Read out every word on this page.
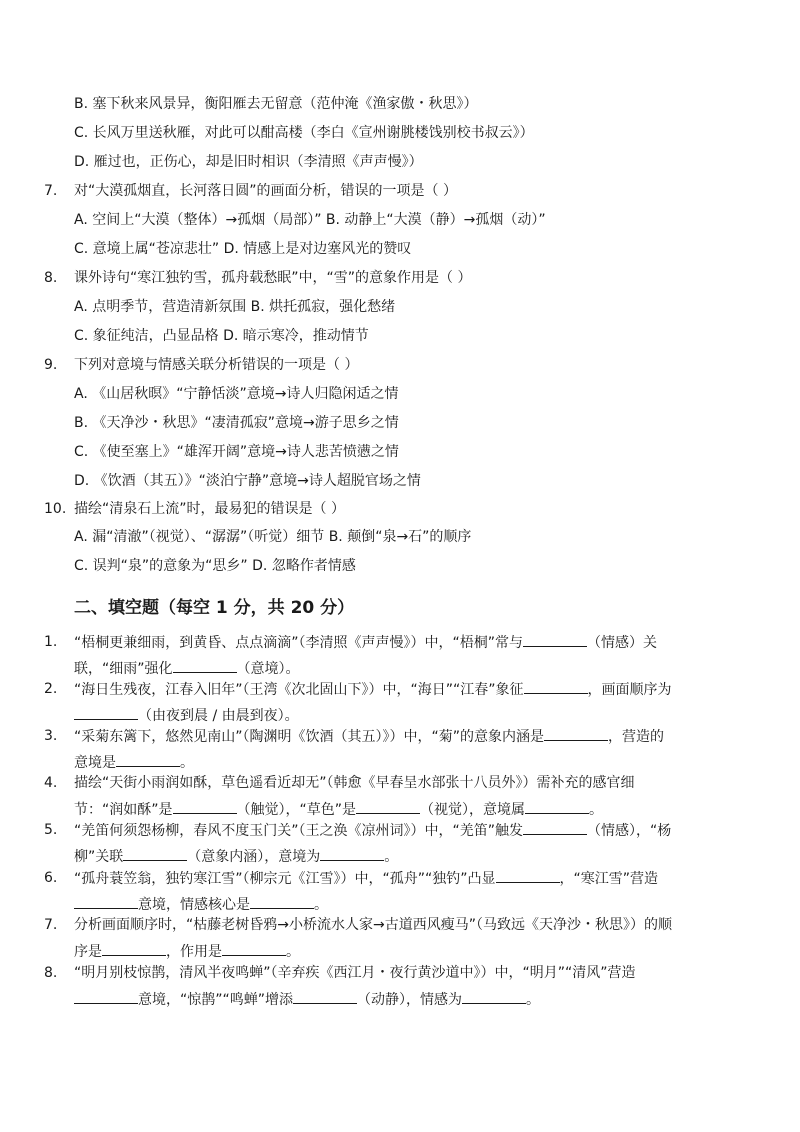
B. 塞下秋来风景异，衡阳雁去无留意（范仲淹《渔家傲・秋思》）
C. 长风万里送秋雁，对此可以酣高楼（李白《宣州谢朓楼饯别校书叔云》）
D. 雁过也，正伤心，却是旧时相识（李清照《声声慢》）
7. 对“大漠孤烟直，长河落日圆”的画面分析，错误的一项是（ ）
A. 空间上“大漠（整体）→孤烟（局部）” B. 动静上“大漠（静）→孤烟（动）”
C. 意境上属“苍凉悲壮” D. 情感上是对边塞风光的赞叹
8. 课外诗句“寒江独钓雪，孤舟载愁眠”中，“雪”的意象作用是（ ）
A. 点明季节，营造清新氛围 B. 烘托孤寂，强化愁绪
C. 象征纯洁，凸显品格 D. 暗示寒冷，推动情节
9. 下列对意境与情感关联分析错误的一项是（ ）
A. 《山居秋暝》“宁静恬淡”意境→诗人归隐闲适之情
B. 《天净沙・秋思》“凄清孤寂”意境→游子思乡之情
C. 《使至塞上》“雄浑开阔”意境→诗人悲苦愤懑之情
D. 《饮酒（其五）》“淡泊宁静”意境→诗人超脱官场之情
10. 描绘“清泉石上流”时，最易犯的错误是（ ）
A. 漏“清澈”（视觉）、“潺潺”（听觉）细节 B. 颠倒“泉→石”的顺序
C. 误判“泉”的意象为“思乡” D. 忽略作者情感
二、填空题（每空 1 分，共 20 分）
1. “梧桐更兼细雨，到黄昏、点点滴滴”（李清照《声声慢》）中，“梧桐”常与	（情感）关
联，“细雨”强化	（意境）。
2. “海日生残夜，江春入旧年”（王湾《次北固山下》）中，“海日”“江春”象征	，画面顺序为
（由夜到晨 / 由晨到夜）。
3. “采菊东篱下，悠然见南山”（陶渊明《饮酒（其五）》）中，“菊”的意象内涵是	，营造的
意境是	。
4. 描绘“天街小雨润如酥，草色遥看近却无”（韩愈《早春呈水部张十八员外》）需补充的感官细
节：“润如酥”是	（触觉），“草色”是	（视觉），意境属	。
5. “羌笛何须怨杨柳，春风不度玉门关”（王之涣《凉州词》）中，“羌笛”触发	（情感），“杨
柳”关联	（意象内涵），意境为	。
6. “孤舟蓑笠翁，独钓寒江雪”（柳宗元《江雪》）中，“孤舟”“独钓”凸显	，“寒江雪”营造
意境，情感核心是	。
7. 分析画面顺序时，“枯藤老树昏鸦→小桥流水人家→古道西风瘦马”（马致远《天净沙・秋思》）的顺
序是	，作用是	。
8. “明月别枝惊鹊，清风半夜鸣蝉”（辛弃疾《西江月・夜行黄沙道中》）中，“明月”“清风”营造
意境，“惊鹊”“鸣蝉”增添	（动静），情感为	。
